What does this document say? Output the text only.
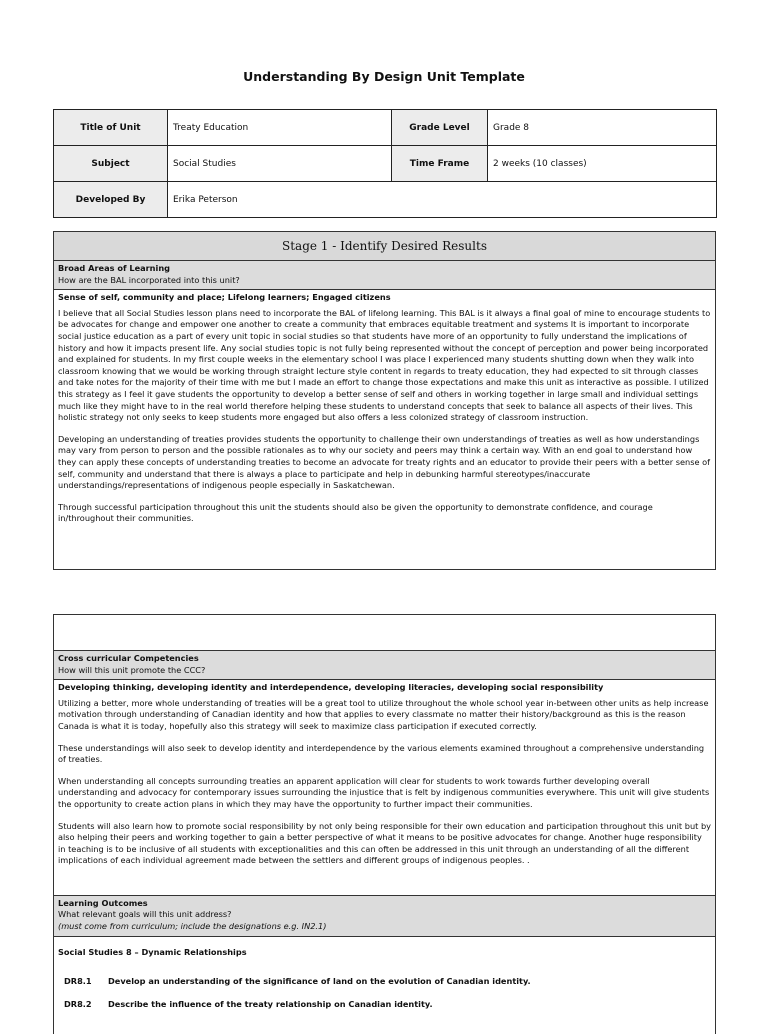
Understanding By Design Unit Template
Title of Unit	Treaty Education	Grade Level	Grade 8
Subject	Social Studies	Time Frame	2 weeks (10 classes)
Developed By	Erika Peterson		
Stage 1 - Identify Desired Results
Broad Areas of Learning
How are the BAL incorporated into this unit?
Sense of self, community and place; Lifelong learners; Engaged citizens

I believe that all Social Studies lesson plans need to incorporate the BAL of lifelong learning. This BAL is it always a final goal of mine to encourage students to be advocates for change and empower one another to create a community that embraces equitable treatment and systems It is important to incorporate social justice education as a part of every unit topic in social studies so that students have more of an opportunity to fully understand the implications of history and how it impacts present life. Any social studies topic is not fully being represented without the concept of perception and power being incorporated and explained for students. In my first couple weeks in the elementary school I was place I experienced many students shutting down when they walk into classroom knowing that we would be working through straight lecture style content in regards to treaty education, they had expected to sit through classes and take notes for the majority of their time with me but I made an effort to change those expectations and make this unit as interactive as possible. I utilized this strategy as I feel it gave students the opportunity to develop a better sense of self and others in working together in large small and individual settings much like they might have to in the real world therefore helping these students to understand concepts that seek to balance all aspects of their lives. This holistic strategy not only seeks to keep students more engaged but also offers a less colonized strategy of classroom instruction.

Developing an understanding of treaties provides students the opportunity to challenge their own understandings of treaties as well as how understandings may vary from person to person and the possible rationales as to why our society and peers may think a certain way. With an end goal to understand how they can apply these concepts of understanding treaties to become an advocate for treaty rights and an educator to provide their peers with a better sense of self, community and understand that there is always a place to participate and help in debunking harmful stereotypes/inaccurate understandings/representations of indigenous people especially in Saskatchewan.

Through successful participation throughout this unit the students should also be given the opportunity to demonstrate confidence, and courage in/throughout their communities.

Cross curricular Competencies
How will this unit promote the CCC?
Developing thinking, developing identity and interdependence, developing literacies, developing social responsibility

Utilizing a better, more whole understanding of treaties will be a great tool to utilize throughout the whole school year in-between other units as help increase motivation through understanding of Canadian identity and how that applies to every classmate no matter their history/background as this is the reason Canada is what it is today, hopefully also this strategy will seek to maximize class participation if executed correctly.

These understandings will also seek to develop identity and interdependence by the various elements examined throughout a comprehensive understanding of treaties.

When understanding all concepts surrounding treaties an apparent application will clear for students to work towards further developing overall understanding and advocacy for contemporary issues surrounding the injustice that is felt by indigenous communities everywhere. This unit will give students the opportunity to create action plans in which they may have the opportunity to further impact their communities.

Students will also learn how to promote social responsibility by not only being responsible for their own education and participation throughout this unit but by also helping their peers and working together to gain a better perspective of what it means to be positive advocates for change. Another huge responsibility in teaching is to be inclusive of all students with exceptionalities and this can often be addressed in this unit through an understanding of all the different implications of each individual agreement made between the settlers and different groups of indigenous peoples. .

Learning Outcomes
What relevant goals will this unit address?
(must come from curriculum; include the designations e.g. IN2.1)
Social Studies 8 – Dynamic Relationships
DR8.1 Develop an understanding of the significance of land on the evolution of Canadian identity.
DR8.2 Describe the influence of the treaty relationship on Canadian identity.
